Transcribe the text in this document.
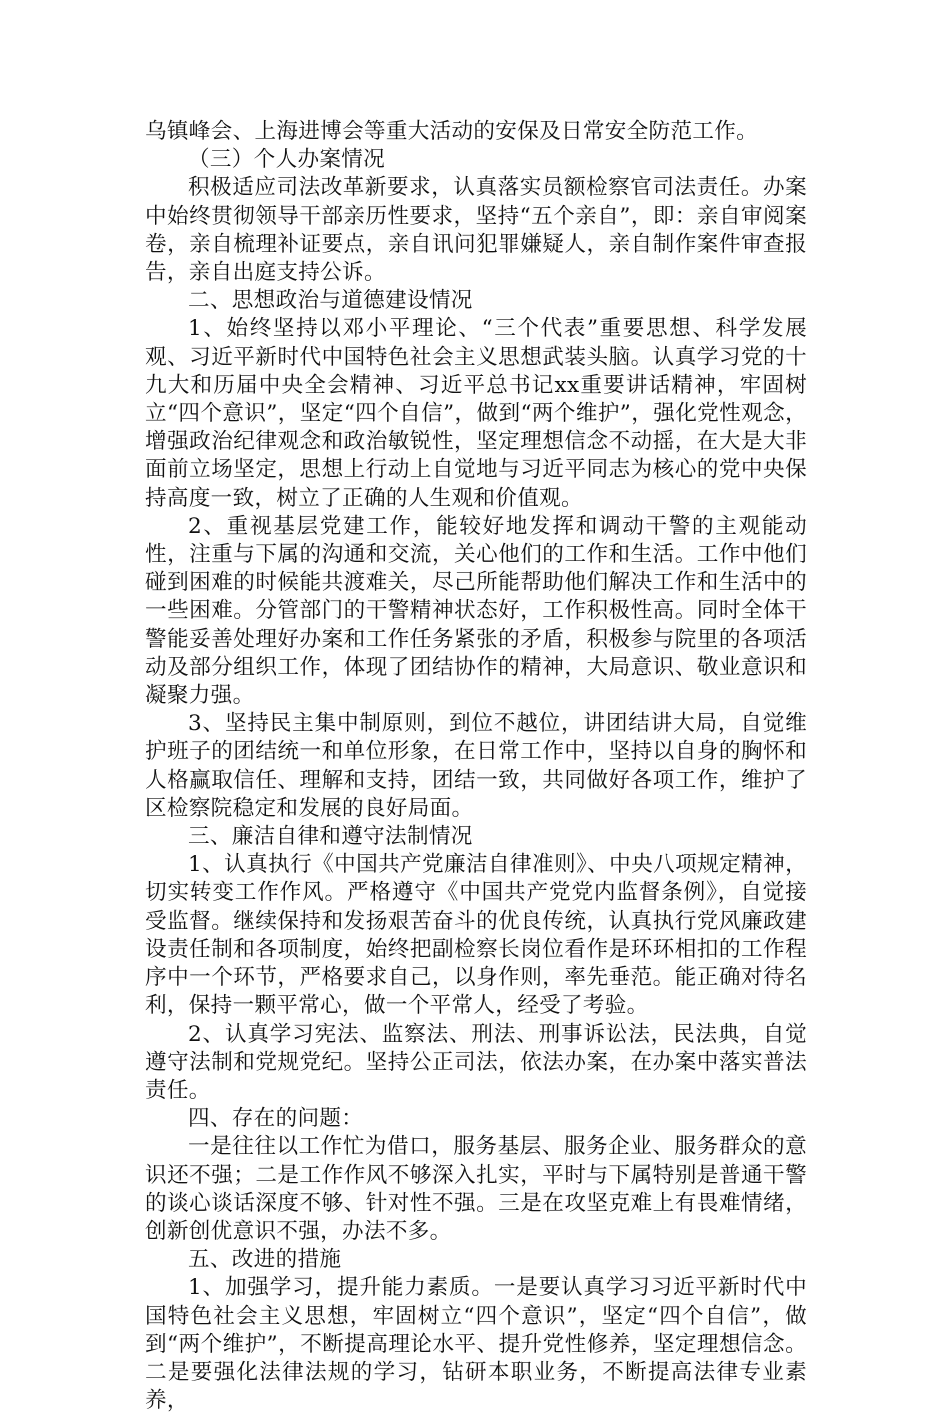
乌镇峰会、上海进博会等重大活动的安保及日常安全防范工作。

（三）个人办案情况

积极适应司法改革新要求，认真落实员额检察官司法责任。办案中始终贯彻领导干部亲历性要求，坚持“五个亲自”，即：亲自审阅案卷，亲自梳理补证要点，亲自讯问犯罪嫌疑人，亲自制作案件审查报告，亲自出庭支持公诉。

二、思想政治与道德建设情况

1、始终坚持以邓小平理论、“三个代表”重要思想、科学发展观、习近平新时代中国特色社会主义思想武装头脑。认真学习党的十九大和历届中央全会精神、习近平总书记xx重要讲话精神，牢固树立“四个意识”，坚定“四个自信”，做到“两个维护”，强化党性观念，增强政治纪律观念和政治敏锐性，坚定理想信念不动摇，在大是大非面前立场坚定，思想上行动上自觉地与习近平同志为核心的党中央保持高度一致，树立了正确的人生观和价值观。

2、重视基层党建工作，能较好地发挥和调动干警的主观能动性，注重与下属的沟通和交流，关心他们的工作和生活。工作中他们碰到困难的时候能共渡难关，尽己所能帮助他们解决工作和生活中的一些困难。分管部门的干警精神状态好，工作积极性高。同时全体干警能妥善处理好办案和工作任务紧张的矛盾，积极参与院里的各项活动及部分组织工作，体现了团结协作的精神，大局意识、敬业意识和凝聚力强。

3、坚持民主集中制原则，到位不越位，讲团结讲大局，自觉维护班子的团结统一和单位形象，在日常工作中，坚持以自身的胸怀和人格赢取信任、理解和支持，团结一致，共同做好各项工作，维护了区检察院稳定和发展的良好局面。

三、廉洁自律和遵守法制情况

1、认真执行《中国共产党廉洁自律准则》、中央八项规定精神，切实转变工作作风。严格遵守《中国共产党党内监督条例》，自觉接受监督。继续保持和发扬艰苦奋斗的优良传统，认真执行党风廉政建设责任制和各项制度，始终把副检察长岗位看作是环环相扣的工作程序中一个环节，严格要求自己，以身作则，率先垂范。能正确对待名利，保持一颗平常心，做一个平常人，经受了考验。

2、认真学习宪法、监察法、刑法、刑事诉讼法，民法典，自觉遵守法制和党规党纪。坚持公正司法，依法办案，在办案中落实普法责任。

四、存在的问题：

一是往往以工作忙为借口，服务基层、服务企业、服务群众的意识还不强；二是工作作风不够深入扎实，平时与下属特别是普通干警的谈心谈话深度不够、针对性不强。三是在攻坚克难上有畏难情绪，创新创优意识不强，办法不多。

五、改进的措施

1、加强学习，提升能力素质。一是要认真学习习近平新时代中国特色社会主义思想，牢固树立“四个意识”，坚定“四个自信”，做到“两个维护”，不断提高理论水平、提升党性修养，坚定理想信念。二是要强化法律法规的学习，钻研本职业务，不断提高法律专业素养，
